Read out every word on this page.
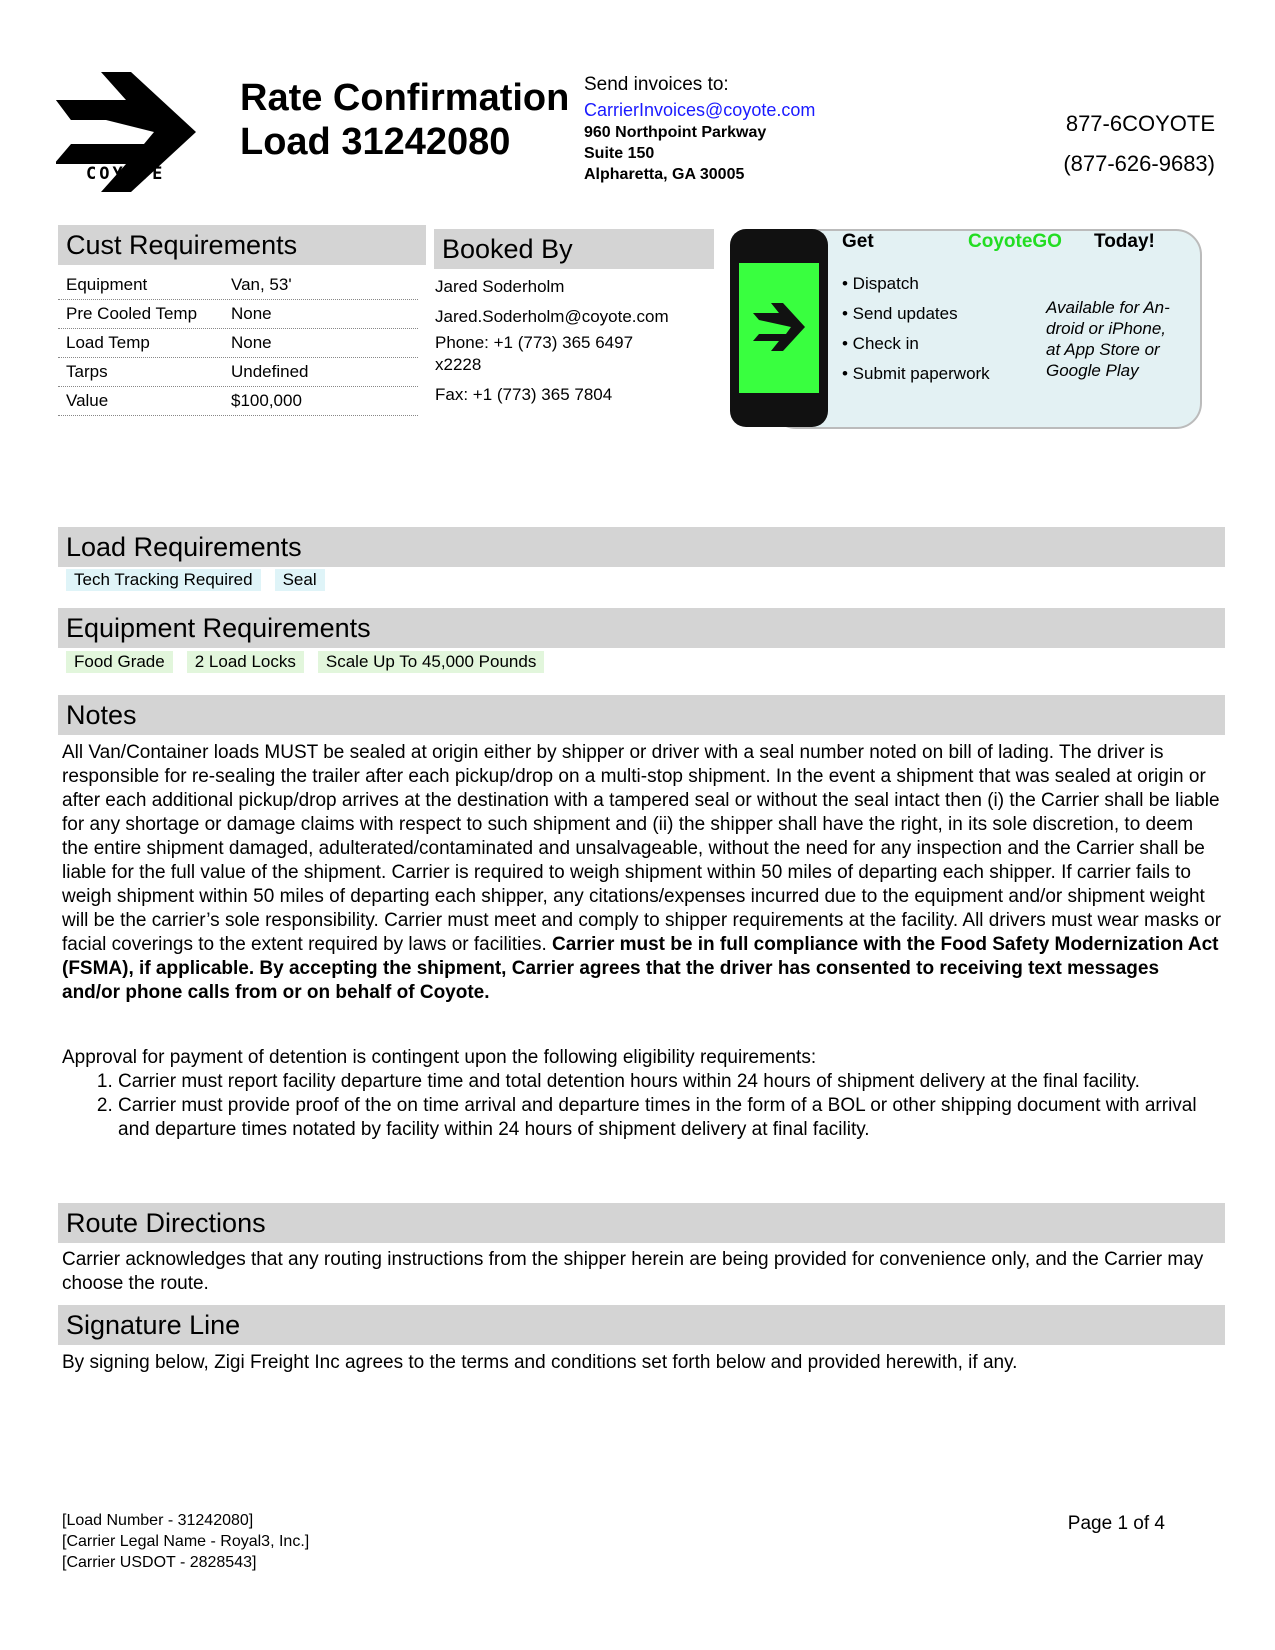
COYOTE
Rate Confirmation
Load 31242080
Send invoices to:
CarrierInvoices@coyote.com
960 Northpoint Parkway
Suite 150
Alpharetta, GA 30005
877-6COYOTE
(877-626-9683)
Cust Requirements
Equipment	Van, 53'
Pre Cooled Temp	None
Load Temp	None
Tarps	Undefined
Value	$100,000
Booked By
Jared Soderholm
Jared.Soderholm@coyote.com
Phone: +1 (773) 365 6497
x2228
Fax: +1 (773) 365 7804
Get	CoyoteGO Today!
• Dispatch
• Send updates
• Check in
• Submit paperwork
Available for An-
droid or iPhone,
at App Store or
Google Play
Load Requirements
Tech Tracking Required Seal
Equipment Requirements
Food Grade 2 Load Locks Scale Up To 45,000 Pounds
Notes
All Van/Container loads MUST be sealed at origin either by shipper or driver with a seal number noted on bill of lading. The driver is responsible for re-sealing the trailer after each pickup/drop on a multi-stop shipment. In the event a shipment that was sealed at origin or after each additional pickup/drop arrives at the destination with a tampered seal or without the seal intact then (i) the Carrier shall be liable for any shortage or damage claims with respect to such shipment and (ii) the shipper shall have the right, in its sole discretion, to deem the entire shipment damaged, adulterated/contaminated and unsalvageable, without the need for any inspection and the Carrier shall be liable for the full value of the shipment. Carrier is required to weigh shipment within 50 miles of departing each shipper. If carrier fails to weigh shipment within 50 miles of departing each shipper, any citations/expenses incurred due to the equipment and/or shipment weight will be the carrier’s sole responsibility. Carrier must meet and comply to shipper requirements at the facility. All drivers must wear masks or facial coverings to the extent required by laws or facilities. Carrier must be in full compliance with the Food Safety Modernization Act (FSMA), if applicable. By accepting the shipment, Carrier agrees that the driver has consented to receiving text messages and/or phone calls from or on behalf of Coyote.
Approval for payment of detention is contingent upon the following eligibility requirements:
1. Carrier must report facility departure time and total detention hours within 24 hours of shipment delivery at the final facility.
2. Carrier must provide proof of the on time arrival and departure times in the form of a BOL or other shipping document with arrival and departure times notated by facility within 24 hours of shipment delivery at final facility.
Route Directions
Carrier acknowledges that any routing instructions from the shipper herein are being provided for convenience only, and the Carrier may choose the route.
Signature Line
By signing below, Zigi Freight Inc agrees to the terms and conditions set forth below and provided herewith, if any.
[Load Number - 31242080]
[Carrier Legal Name - Royal3, Inc.]
[Carrier USDOT - 2828543]
Page 1 of 4
